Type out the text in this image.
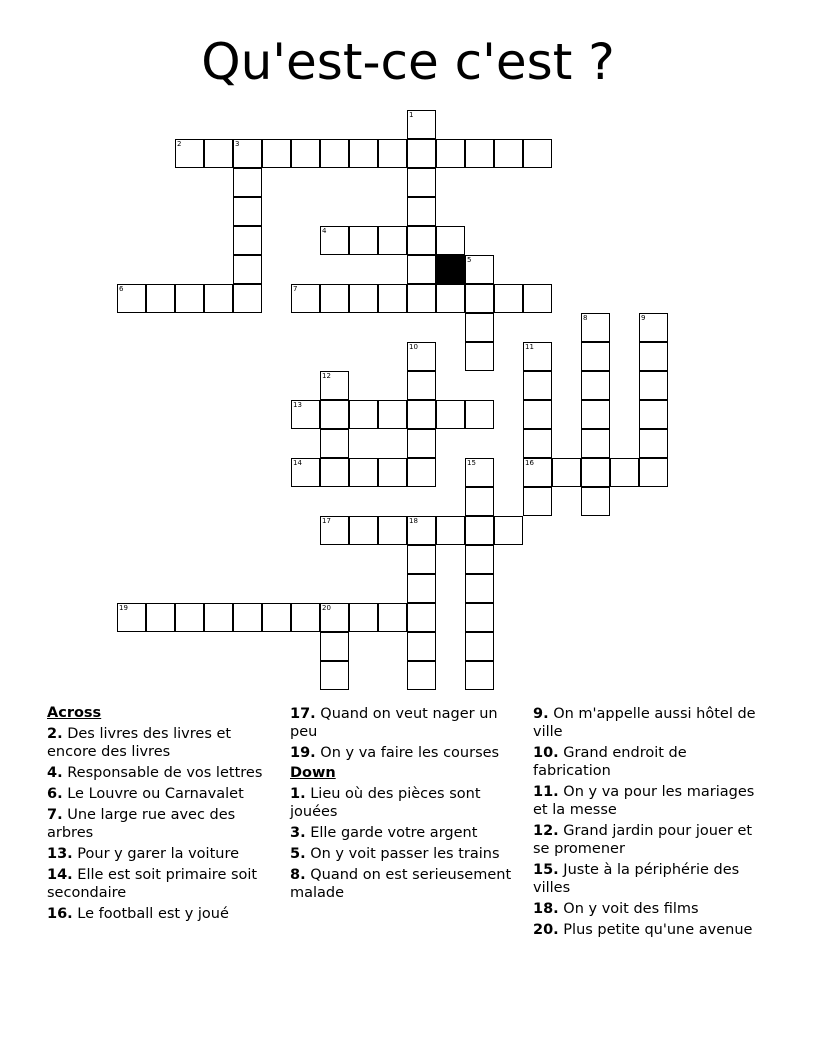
Qu'est-ce c'est ?
2	3
4
6	7
13
14	16
17	18
19	20
1
5
8	9
10	11
12
15
Across
2. Des livres des livres et encore des livres
4. Responsable de vos lettres
6. Le Louvre ou Carnavalet
7. Une large rue avec des arbres
13. Pour y garer la voiture
14. Elle est soit primaire soit secondaire
16. Le football est y joué
17. Quand on veut nager un peu
19. On y va faire les courses
Down
1. Lieu où des pièces sont jouées
3. Elle garde votre argent
5. On y voit passer les trains
8. Quand on est serieusement malade
9. On m'appelle aussi hôtel de ville
10. Grand endroit de fabrication
11. On y va pour les mariages et la messe
12. Grand jardin pour jouer et se promener
15. Juste à la périphérie des villes
18. On y voit des films
20. Plus petite qu'une avenue
